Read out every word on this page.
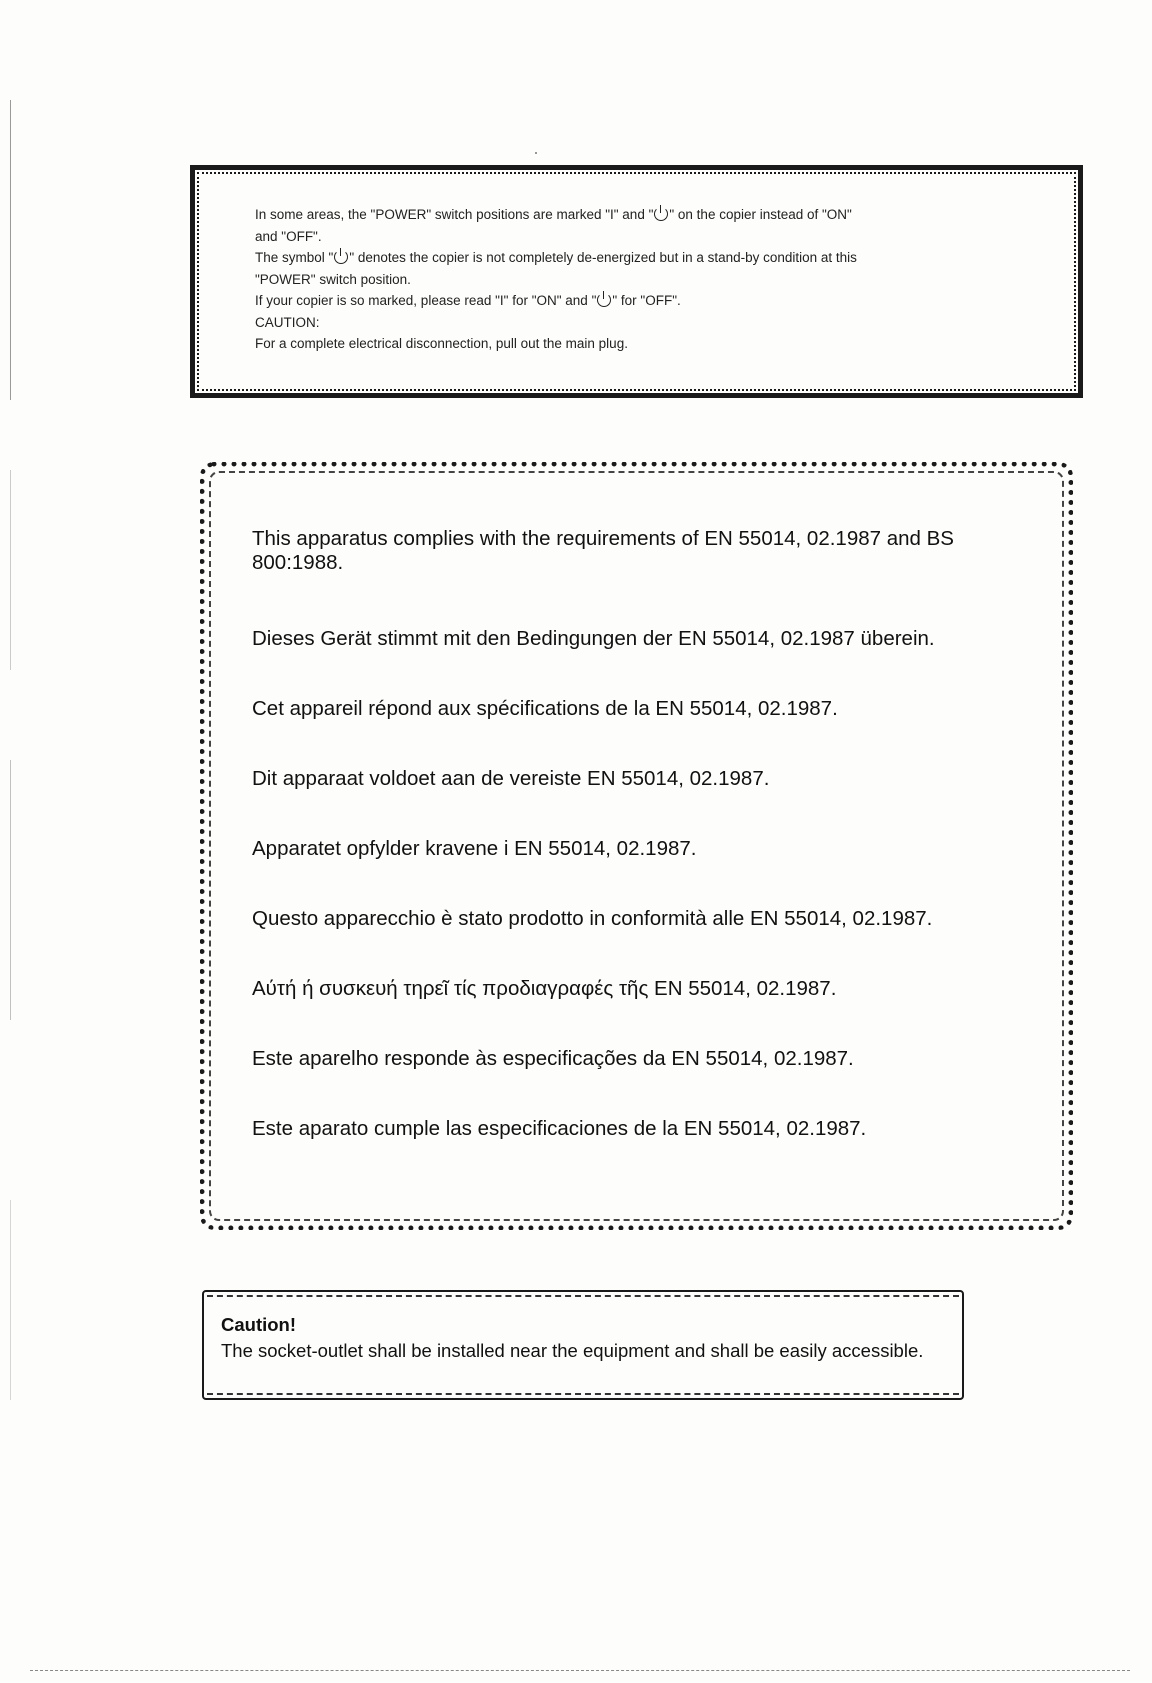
In some areas, the "POWER" switch positions are marked "I" and " " on the copier instead of "ON"
and "OFF".
The symbol " " denotes the copier is not completely de-energized but in a stand-by condition at this
"POWER" switch position.
If your copier is so marked, please read "I" for "ON" and " " for "OFF".
CAUTION:
For a complete electrical disconnection, pull out the main plug.

This apparatus complies with the requirements of EN 55014, 02.1987 and BS 800:1988.

Dieses Gerät stimmt mit den Bedingungen der EN 55014, 02.1987 überein.

Cet appareil répond aux spécifications de la EN 55014, 02.1987.

Dit apparaat voldoet aan de vereiste EN 55014, 02.1987.

Apparatet opfylder kravene i EN 55014, 02.1987.

Questo apparecchio è stato prodotto in conformità alle EN 55014, 02.1987.

Αύτή ή συσκευή τηρεῖ τίς προδιαγραφές τῆς EN 55014, 02.1987.

Este aparelho responde às especificações da EN 55014, 02.1987.

Este aparato cumple las especificaciones de la EN 55014, 02.1987.

Caution!
The socket-outlet shall be installed near the equipment and shall be easily accessible.
